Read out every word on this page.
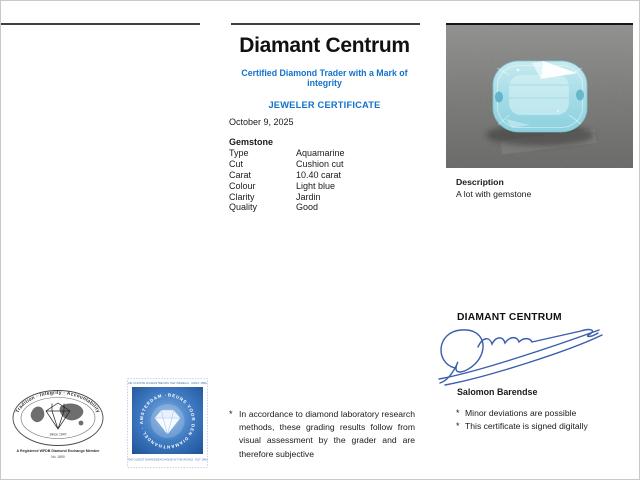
Diamant Centrum
Certified Diamond Trader with a Mark of integrity
JEWELER CERTIFICATE
October 9, 2025
Gemstone
Type	Aquamarine
Cut	Cushion cut
Carat	10.40 carat
Colour	Light blue
Clarity	Jardin
Quality	Good
* In accordance to diamond laboratory research methods, these grading results follow from visual assessment by the grader and are therefore subjective
Description
A lot with gemstone
DIAMANT CENTRUM
Salomon Barendse
* Minor deviations are possible
* This certificate is signed digitally
Tradition · Integrity · Accountability
Since 1947
A Registered WFDB Diamond Exchange Member
No. 1890
DE OUDSTE DIAMANTBEURS TER WERELD · ANNO 1890
BEURS VOOR DEN DIAMANTHANDEL · AMSTERDAM ·
THE OLDEST DIAMONDEXCHANGE IN THE WORLD · EST 1890
